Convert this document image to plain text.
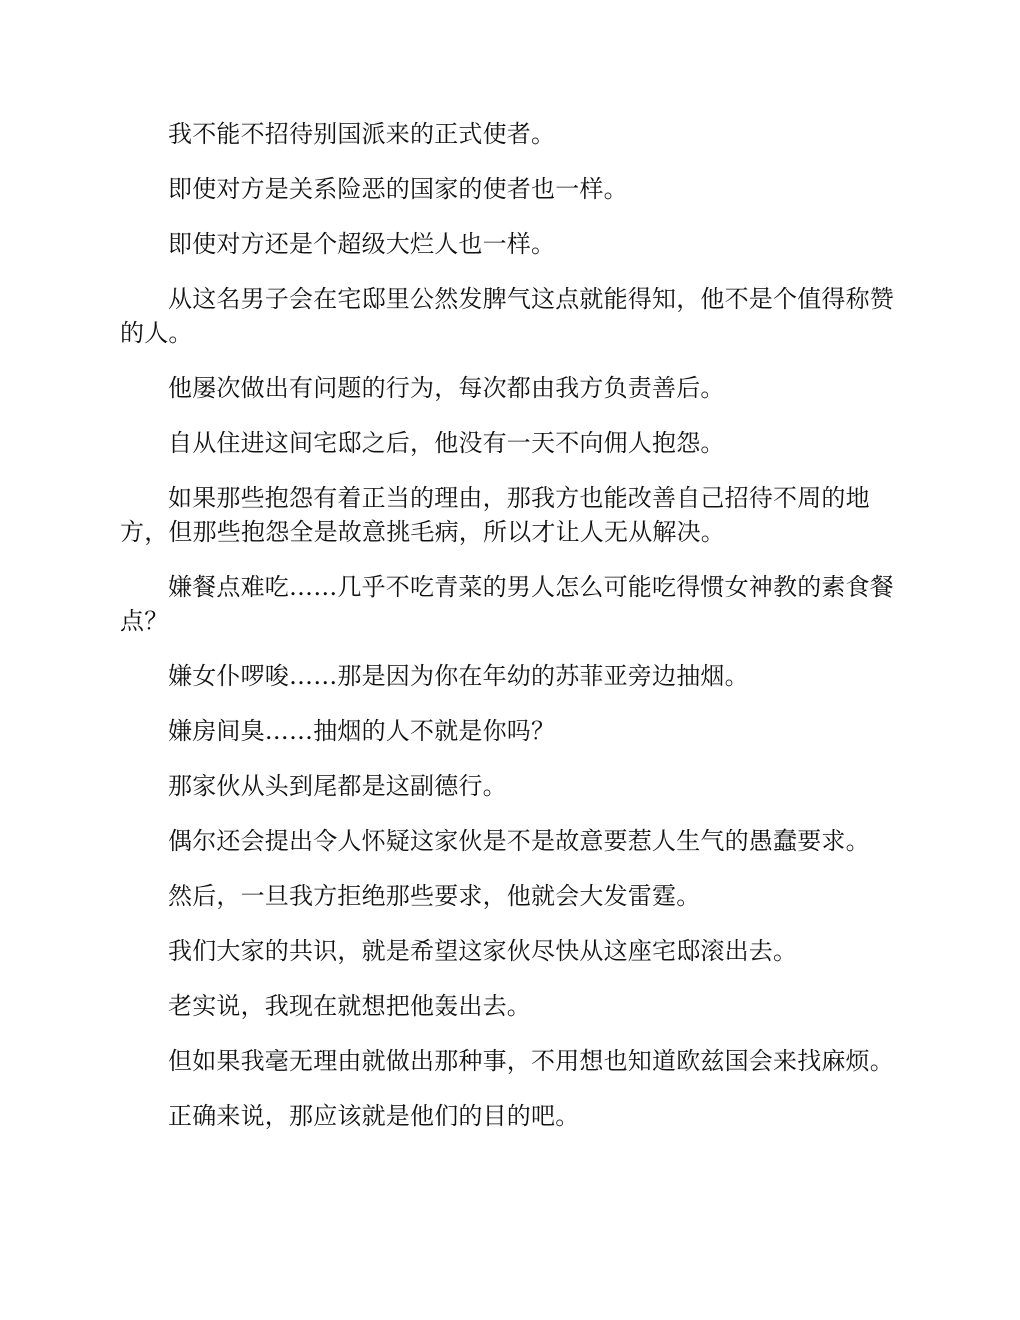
我不能不招待别国派来的正式使者。

即使对方是关系险恶的国家的使者也一样。

即使对方还是个超级大烂人也一样。

从这名男子会在宅邸里公然发脾气这点就能得知，他不是个值得称赞的人。

他屡次做出有问题的行为，每次都由我方负责善后。

自从住进这间宅邸之后，他没有一天不向佣人抱怨。

如果那些抱怨有着正当的理由，那我方也能改善自己招待不周的地方，但那些抱怨全是故意挑毛病，所以才让人无从解决。

嫌餐点难吃……几乎不吃青菜的男人怎么可能吃得惯女神教的素食餐点？

嫌女仆啰唆……那是因为你在年幼的苏菲亚旁边抽烟。

嫌房间臭……抽烟的人不就是你吗？

那家伙从头到尾都是这副德行。

偶尔还会提出令人怀疑这家伙是不是故意要惹人生气的愚蠢要求。

然后，一旦我方拒绝那些要求，他就会大发雷霆。

我们大家的共识，就是希望这家伙尽快从这座宅邸滚出去。

老实说，我现在就想把他轰出去。

但如果我毫无理由就做出那种事，不用想也知道欧兹国会来找麻烦。

正确来说，那应该就是他们的目的吧。
